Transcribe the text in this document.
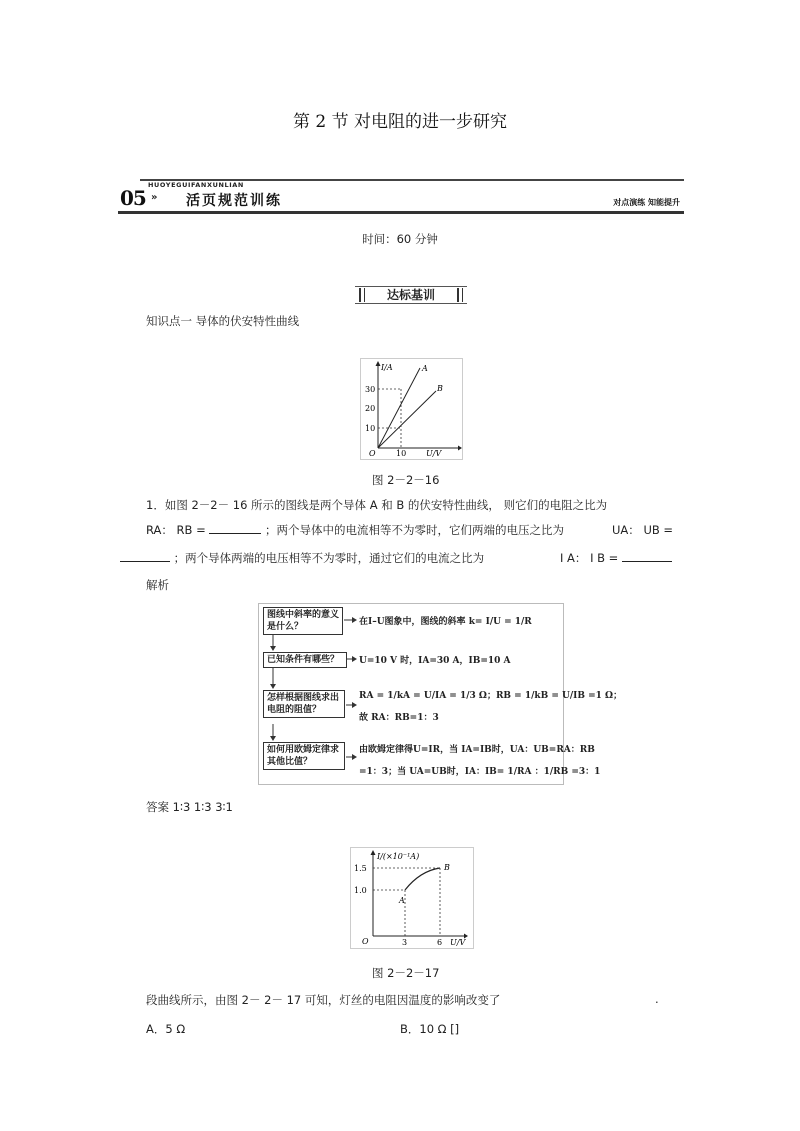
第 2 节 对电阻的进一步研究
05
HUOYEGUIFANXUNLIAN
» 活页规范训练	对点演练 知能提升
时间：60 分钟
达标基训
知识点一 导体的伏安特性曲线
I/A
U/V
O
30
20
10
10
A
B
图 2－2－16
1．如图 2－2－ 16 所示的图线是两个导体 A 和 B 的伏安特性曲线， 则它们的电阻之比为
RA： RB =	；两个导体中的电流相等不为零时，它们两端的电压之比为	UA： UB =
；两个导体两端的电压相等不为零时，通过它们的电流之比为	I A： I B =
解析
图线中斜率的意义是什么？	在I–U图象中，图线的斜率 k= I/U = 1/R
已知条件有哪些？	U=10 V 时，IA=30 A，IB=10 A
怎样根据图线求出电阻的阻值？
RA = 1/kA = U/IA = 1/3 Ω；RB = 1/kB = U/IB =1 Ω；
故 RA：RB=1：3
如何用欧姆定律求其他比值？
由欧姆定律得U=IR，当 IA=IB时，UA：UB=RA：RB
=1：3；当 UA=UB时，IA：IB= 1/RA ：1/RB =3：1
答案 1∶3 1∶3 3∶1
I/(×10⁻¹A)
U/V
O
1.5
1.0
3	6
A
B
图 2－2－17
段曲线所示，由图 2－ 2－ 17 可知，灯丝的电阻因温度的影响改变了	.
A．5 Ω	B．10 Ω []
